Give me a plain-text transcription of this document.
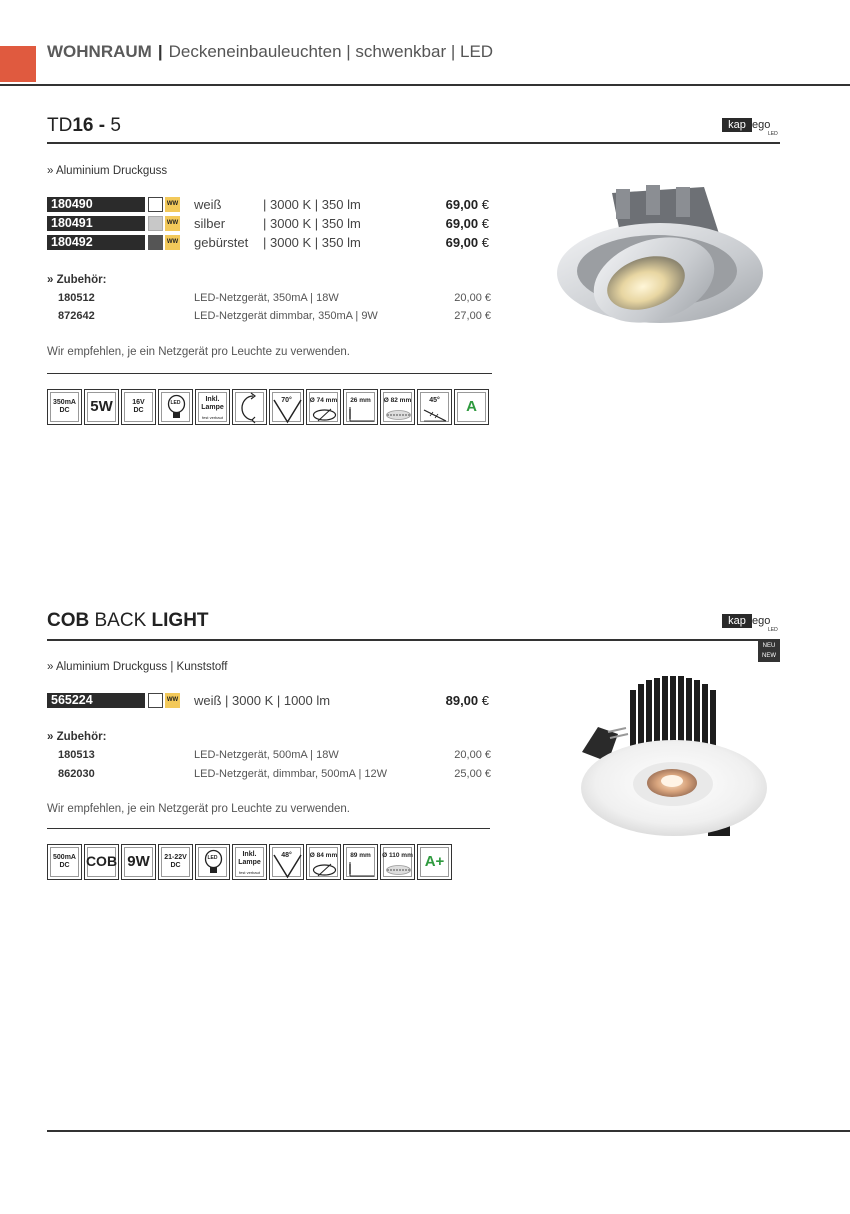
WOHNRAUM | Deckeneinbauleuchten | schwenkbar | LED
TD16 - 5	kap ego
LED
» Aluminium Druckguss
180490	WW weiß	| 3000 K | 350 lm	69,00 €
180491	WW silber	| 3000 K | 350 lm	69,00 €
180492	WW gebürstet | 3000 K | 350 lm	69,00 €
» Zubehör:
180512	LED-Netzgerät, 350mA | 18W	20,00 €
872642	LED-Netzgerät dimmbar, 350mA | 9W	27,00 €
Wir empfehlen, je ein Netzgerät pro Leuchte zu verwenden.
350mA
DC	5W	16V
DC
LED	Inkl.
Lampe
fest verbaut
70°	Ø 74 mm	26 mm	Ø 82 mm	45°	A
COB BACK LIGHT	kap ego
LED
NEU
NEW
» Aluminium Druckguss | Kunststoff
565224	WW weiß | 3000 K | 1000 lm	89,00 €
» Zubehör:
180513	LED-Netzgerät, 500mA | 18W	20,00 €
862030	LED-Netzgerät, dimmbar, 500mA | 12W	25,00 €
Wir empfehlen, je ein Netzgerät pro Leuchte zu verwenden.
500mA
DC	COB 9W	21-22V
DC
LED	Inkl.
Lampe
fest verbaut
48°	Ø 84 mm	89 mm	Ø 110 mm A+
